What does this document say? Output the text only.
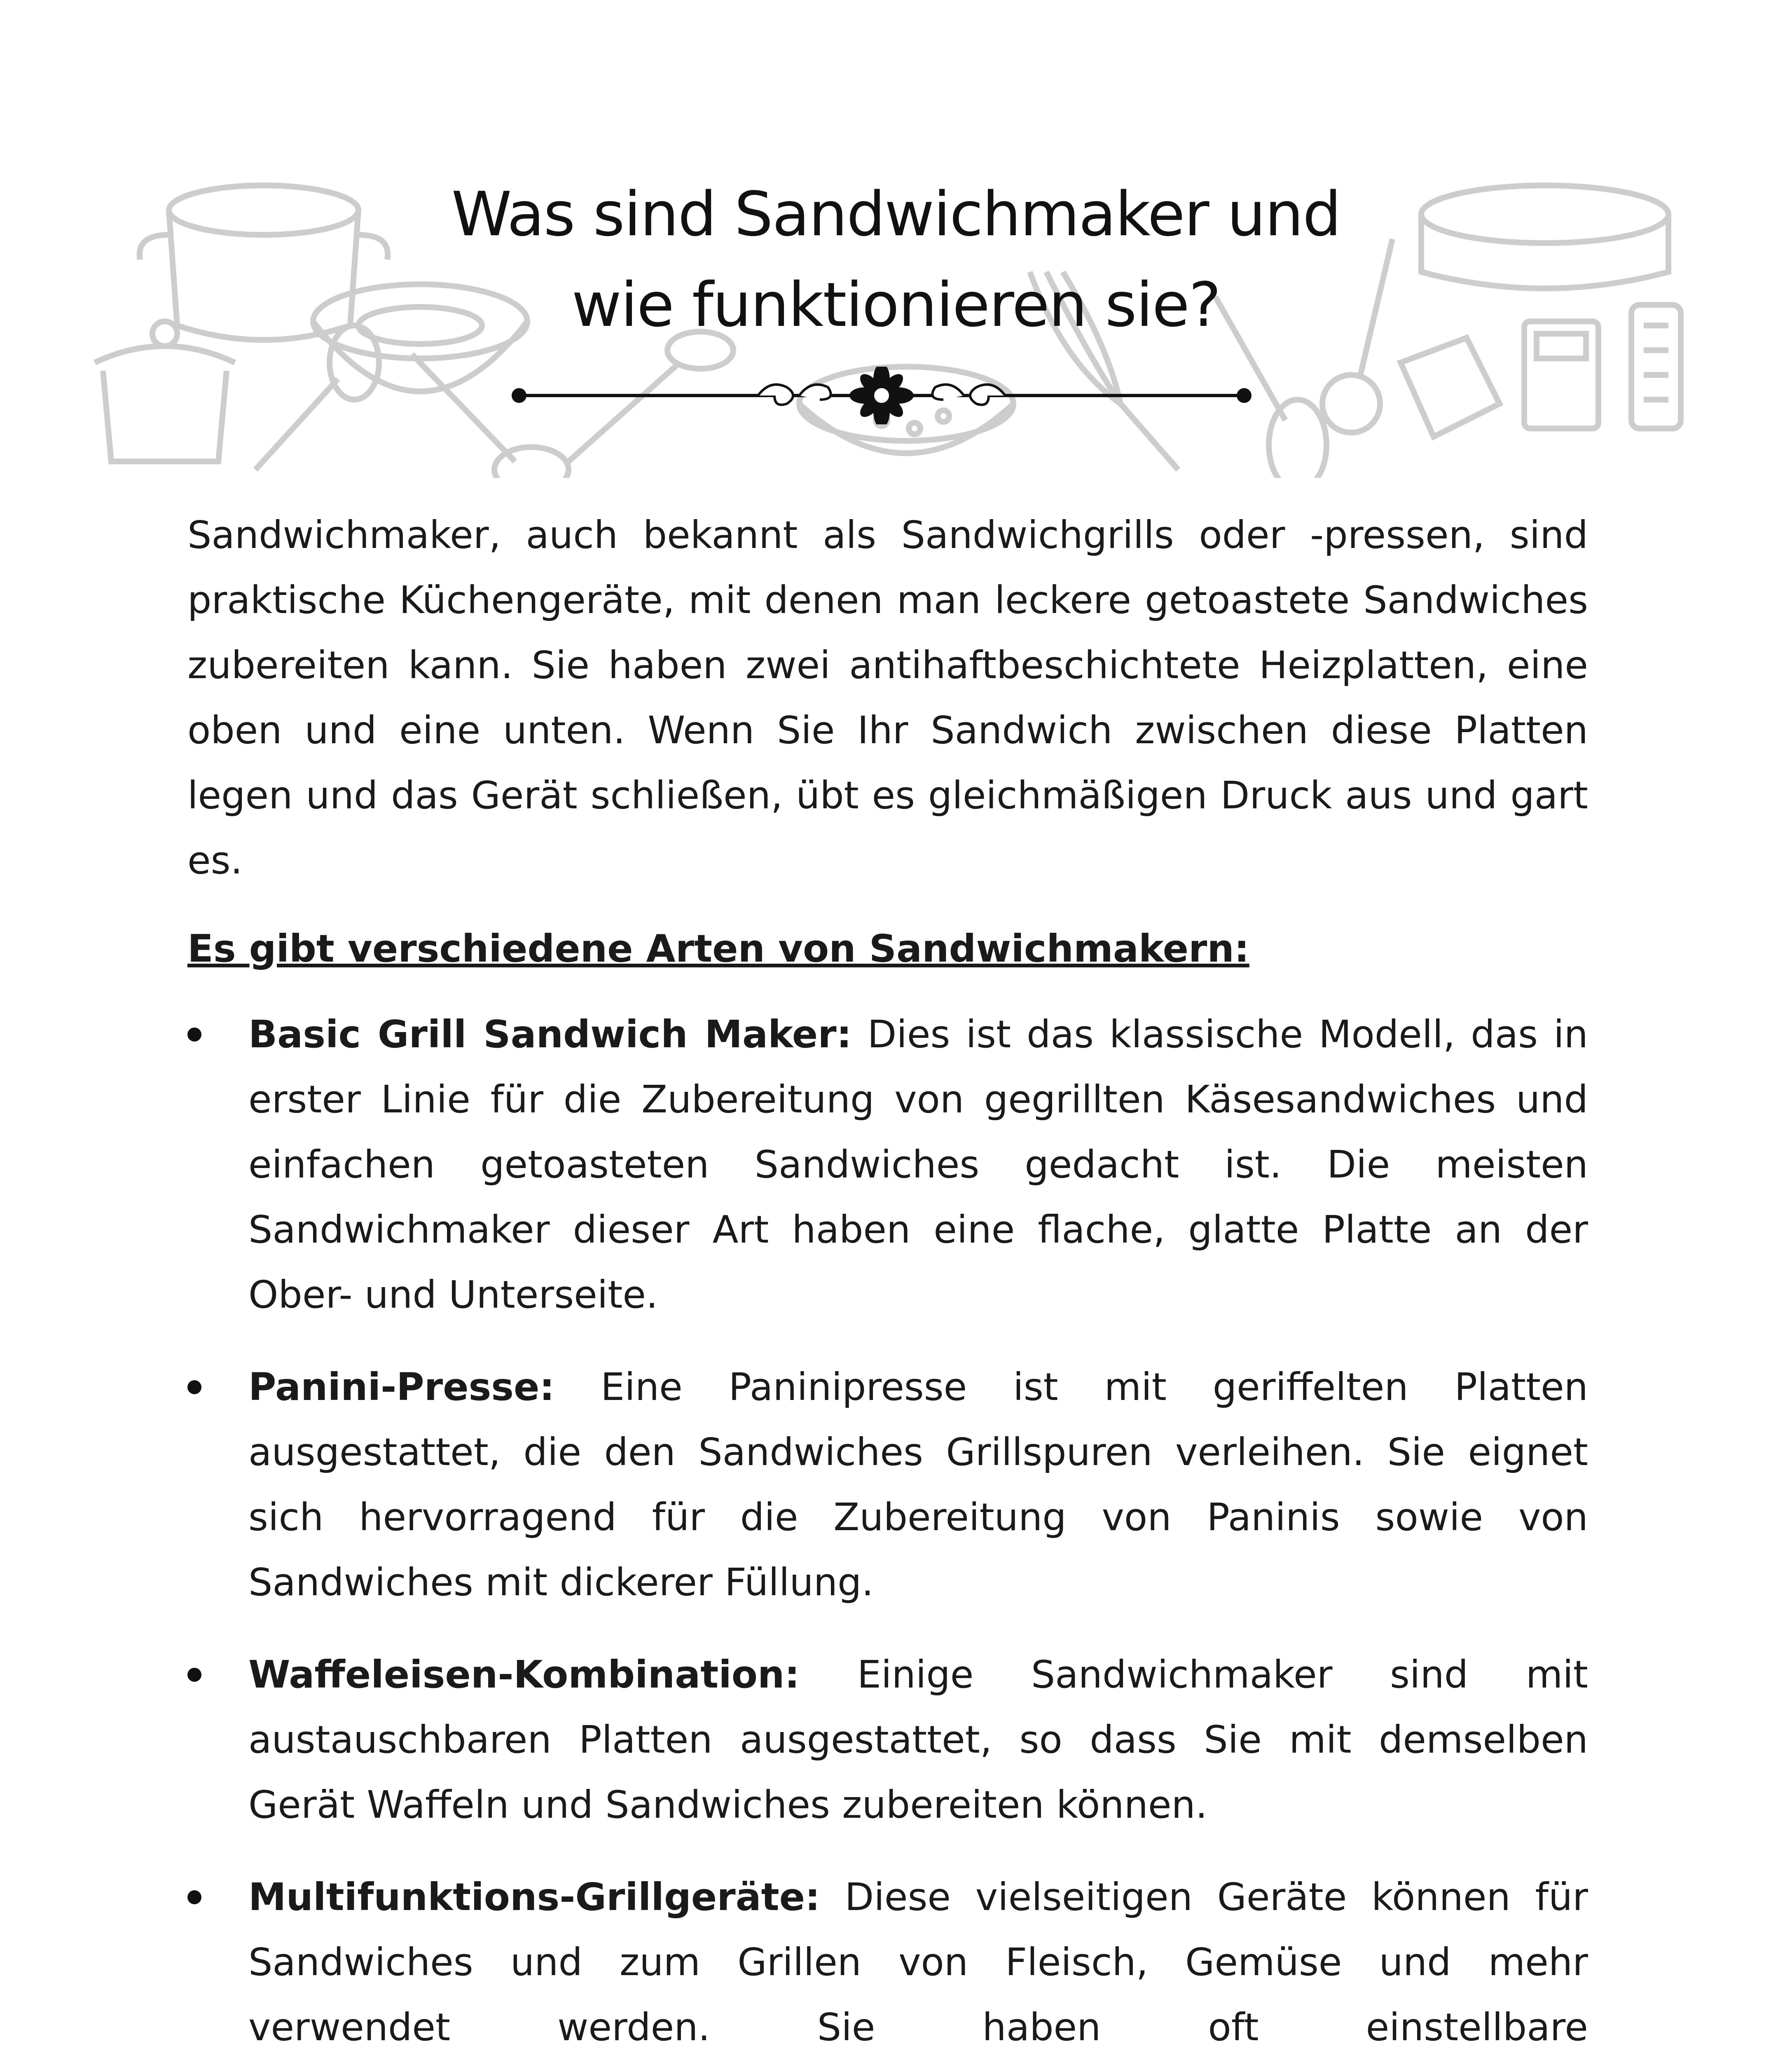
Was sind Sandwichmaker und
wie funktionieren sie?

Sandwichmaker, auch bekannt als Sandwichgrills oder -pressen, sind praktische Küchengeräte, mit denen man leckere getoastete Sandwiches zubereiten kann. Sie haben zwei antihaftbeschichtete Heizplatten, eine oben und eine unten. Wenn Sie Ihr Sandwich zwischen diese Platten legen und das Gerät schließen, übt es gleichmäßigen Druck aus und gart es.

Es gibt verschiedene Arten von Sandwichmakern:

Basic Grill Sandwich Maker: Dies ist das klassische Modell, das in erster Linie für die Zubereitung von gegrillten Käsesandwiches und einfachen getoasteten Sandwiches gedacht ist. Die meisten Sandwichmaker dieser Art haben eine flache, glatte Platte an der Ober- und Unterseite.
Panini-Presse: Eine Paninipresse ist mit geriffelten Platten ausgestattet, die den Sandwiches Grillspuren verleihen. Sie eignet sich hervorragend für die Zubereitung von Paninis sowie von Sandwiches mit dickerer Füllung.
Waffeleisen-Kombination: Einige Sandwichmaker sind mit austauschbaren Platten ausgestattet, so dass Sie mit demselben Gerät Waffeln und Sandwiches zubereiten können.
Multifunktions-Grillgeräte: Diese vielseitigen Geräte können für Sandwiches und zum Grillen von Fleisch, Gemüse und mehr verwendet werden. Sie haben oft einstellbare
